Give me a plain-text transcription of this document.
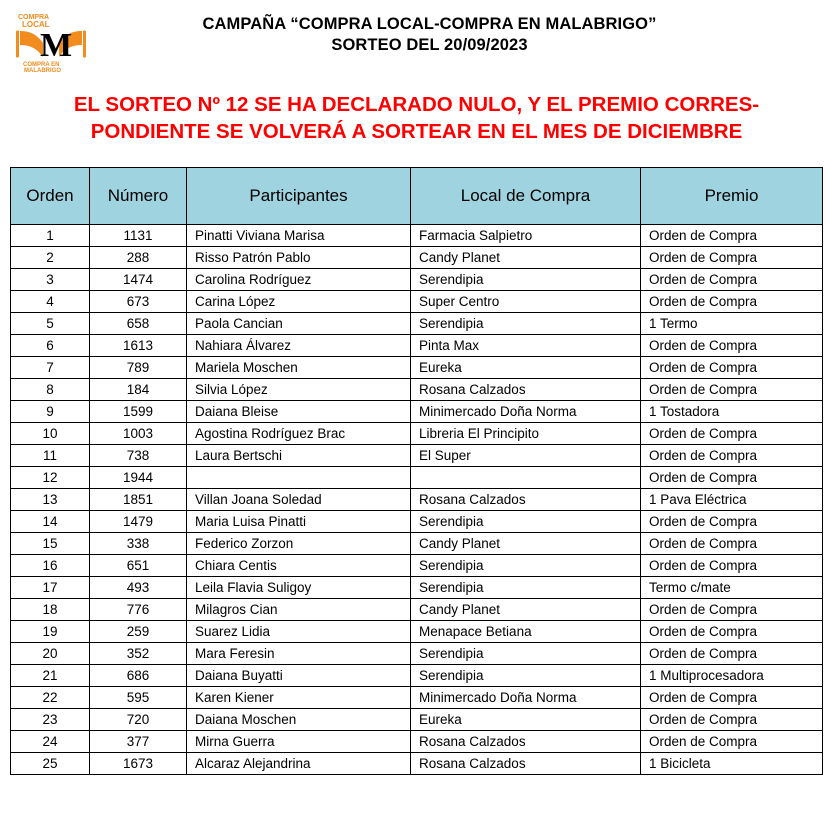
COMPRA
LOCAL
M
COMPRA EN
MALABRIGO
CAMPAÑA “COMPRA LOCAL-COMPRA EN MALABRIGO”
SORTEO DEL 20/09/2023
EL SORTEO Nº 12 SE HA DECLARADO NULO, Y EL PREMIO CORRES-
PONDIENTE SE VOLVERÁ A SORTEAR EN EL MES DE DICIEMBRE
Orden	Número	Participantes	Local de Compra	Premio
1	1131	Pinatti Viviana Marisa	Farmacia Salpietro	Orden de Compra
2	288	Risso Patrón Pablo	Candy Planet	Orden de Compra
3	1474	Carolina Rodríguez	Serendipia	Orden de Compra
4	673	Carina López	Super Centro	Orden de Compra
5	658	Paola Cancian	Serendipia	1 Termo
6	1613	Nahiara Álvarez	Pinta Max	Orden de Compra
7	789	Mariela Moschen	Eureka	Orden de Compra
8	184	Silvia López	Rosana Calzados	Orden de Compra
9	1599	Daiana Bleise	Minimercado Doña Norma	1 Tostadora
10	1003	Agostina Rodríguez Brac	Libreria El Principito	Orden de Compra
11	738	Laura Bertschi	El Super	Orden de Compra
12	1944			Orden de Compra
13	1851	Villan Joana Soledad	Rosana Calzados	1 Pava Eléctrica
14	1479	Maria Luisa Pinatti	Serendipia	Orden de Compra
15	338	Federico Zorzon	Candy Planet	Orden de Compra
16	651	Chiara Centis	Serendipia	Orden de Compra
17	493	Leila Flavia Suligoy	Serendipia	Termo c/mate
18	776	Milagros Cian	Candy Planet	Orden de Compra
19	259	Suarez Lidia	Menapace Betiana	Orden de Compra
20	352	Mara Feresin	Serendipia	Orden de Compra
21	686	Daiana Buyatti	Serendipia	1 Multiprocesadora
22	595	Karen Kiener	Minimercado Doña Norma	Orden de Compra
23	720	Daiana Moschen	Eureka	Orden de Compra
24	377	Mirna Guerra	Rosana Calzados	Orden de Compra
25	1673	Alcaraz Alejandrina	Rosana Calzados	1 Bicicleta
